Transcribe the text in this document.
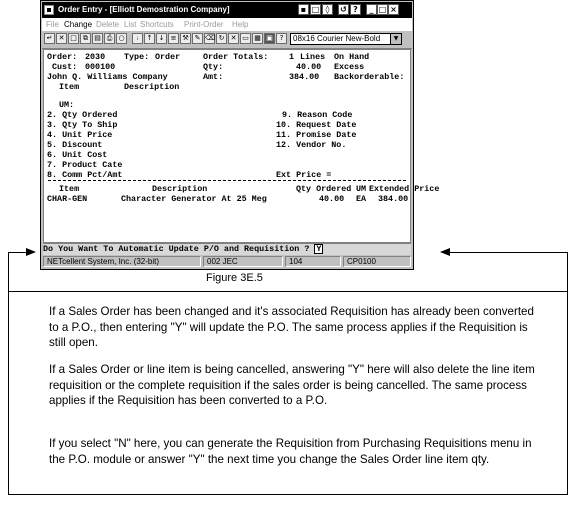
Order Entry - [Elliott Demostration Company]	▪ □ ◊	↺ ?	_ □ ×
File Change Delete List Shortcuts Print-Order Help
↵ ✕ □ ⧉ ▤ ⎙ ○	ᵢ	↑ ↓ ≡ ⚒ ✎ ⌫ ↻ ✕ ▭ ▦ ▣ ?	08x16 Courier New-Bold	▼
Order: 2030 Type: Order	Order Totals: 1 Lines On Hand
Cust: 000100	Qty:	40.00 Excess
John Q. Williams Company	Amt:	384.00 Backorderable:
Item	Description
UM:
2. Qty Ordered
3. Qty To Ship
4. Unit Price
5. Discount
6. Unit Cost
7. Product Cate
8. Comm Pct/Amt
9. Reason Code
10. Request Date
11. Promise Date
12. Vendor No.
Ext Price =
Item	Description	Qty Ordered UM Extended Price
CHAR-GEN	Character Generator At 25 Meg	40.00 EA 384.00
Do You Want To Automatic Update P/O and Requisition ? Y
NETcellent System, Inc. (32-bit)	002 JEC	104	CP0100
Figure 3E.5
If a Sales Order has been changed and it's associated Requisition has already been converted to a P.O., then entering "Y" will update the P.O. The same process applies if the Requisition is still open.
If a Sales Order or line item is being cancelled, answering "Y" here will also delete the line item requisition or the complete requisition if the sales order is being cancelled. The same process applies if the Requisition has been converted to a P.O.
If you select "N" here, you can generate the Requisition from Purchasing Requisitions menu in the P.O. module or answer "Y" the next time you change the Sales Order line item qty.
